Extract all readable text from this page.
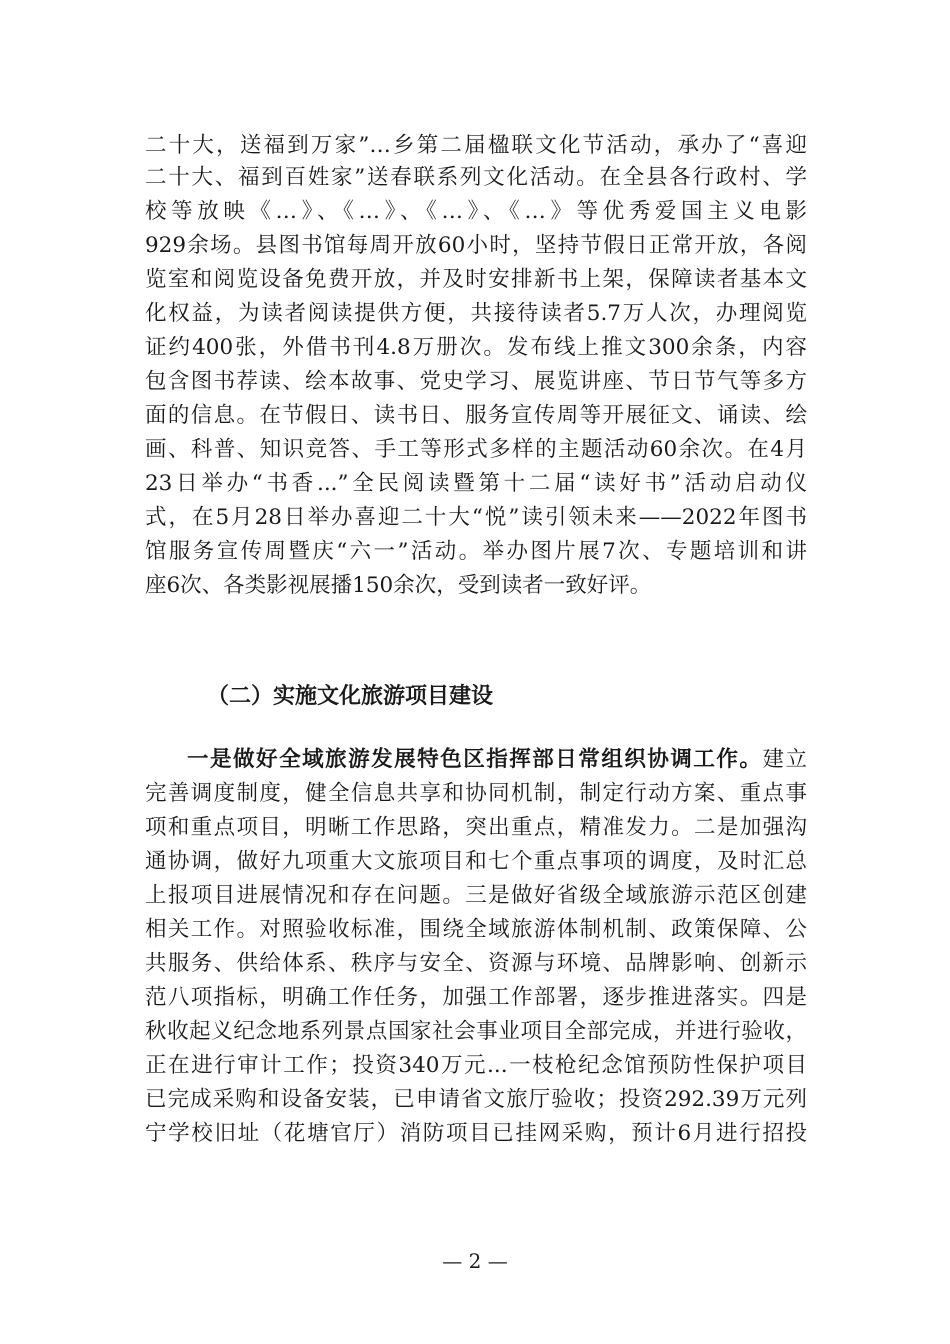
二十大，送福到万家”…乡第二届楹联文化节活动，承办了“喜迎
二十大、福到百姓家”送春联系列文化活动。在全县各行政村、学
校等放映《…》、《…》、《…》、《…》等优秀爱国主义电影
929余场。县图书馆每周开放60小时，坚持节假日正常开放，各阅
览室和阅览设备免费开放，并及时安排新书上架，保障读者基本文
化权益，为读者阅读提供方便，共接待读者5.7万人次，办理阅览
证约400张，外借书刊4.8万册次。发布线上推文300余条，内容
包含图书荐读、绘本故事、党史学习、展览讲座、节日节气等多方
面的信息。在节假日、读书日、服务宣传周等开展征文、诵读、绘
画、科普、知识竞答、手工等形式多样的主题活动60余次。在4月
23日举办“书香...”全民阅读暨第十二届“读好书”活动启动仪
式，在5月28日举办喜迎二十大“悦”读引领未来——2022年图书
馆服务宣传周暨庆“六一”活动。举办图片展7次、专题培训和讲
座6次、各类影视展播150余次，受到读者一致好评。
（二）实施文化旅游项目建设
一是做好全域旅游发展特色区指挥部日常组织协调工作。建立
完善调度制度，健全信息共享和协同机制，制定行动方案、重点事
项和重点项目，明晰工作思路，突出重点，精准发力。二是加强沟
通协调，做好九项重大文旅项目和七个重点事项的调度，及时汇总
上报项目进展情况和存在问题。三是做好省级全域旅游示范区创建
相关工作。对照验收标准，围绕全域旅游体制机制、政策保障、公
共服务、供给体系、秩序与安全、资源与环境、品牌影响、创新示
范八项指标，明确工作任务，加强工作部署，逐步推进落实。四是
秋收起义纪念地系列景点国家社会事业项目全部完成，并进行验收，
正在进行审计工作；投资340万元...一枝枪纪念馆预防性保护项目
已完成采购和设备安装，已申请省文旅厅验收；投资292.39万元列
宁学校旧址（花塘官厅）消防项目已挂网采购，预计6月进行招投
— 2 —
